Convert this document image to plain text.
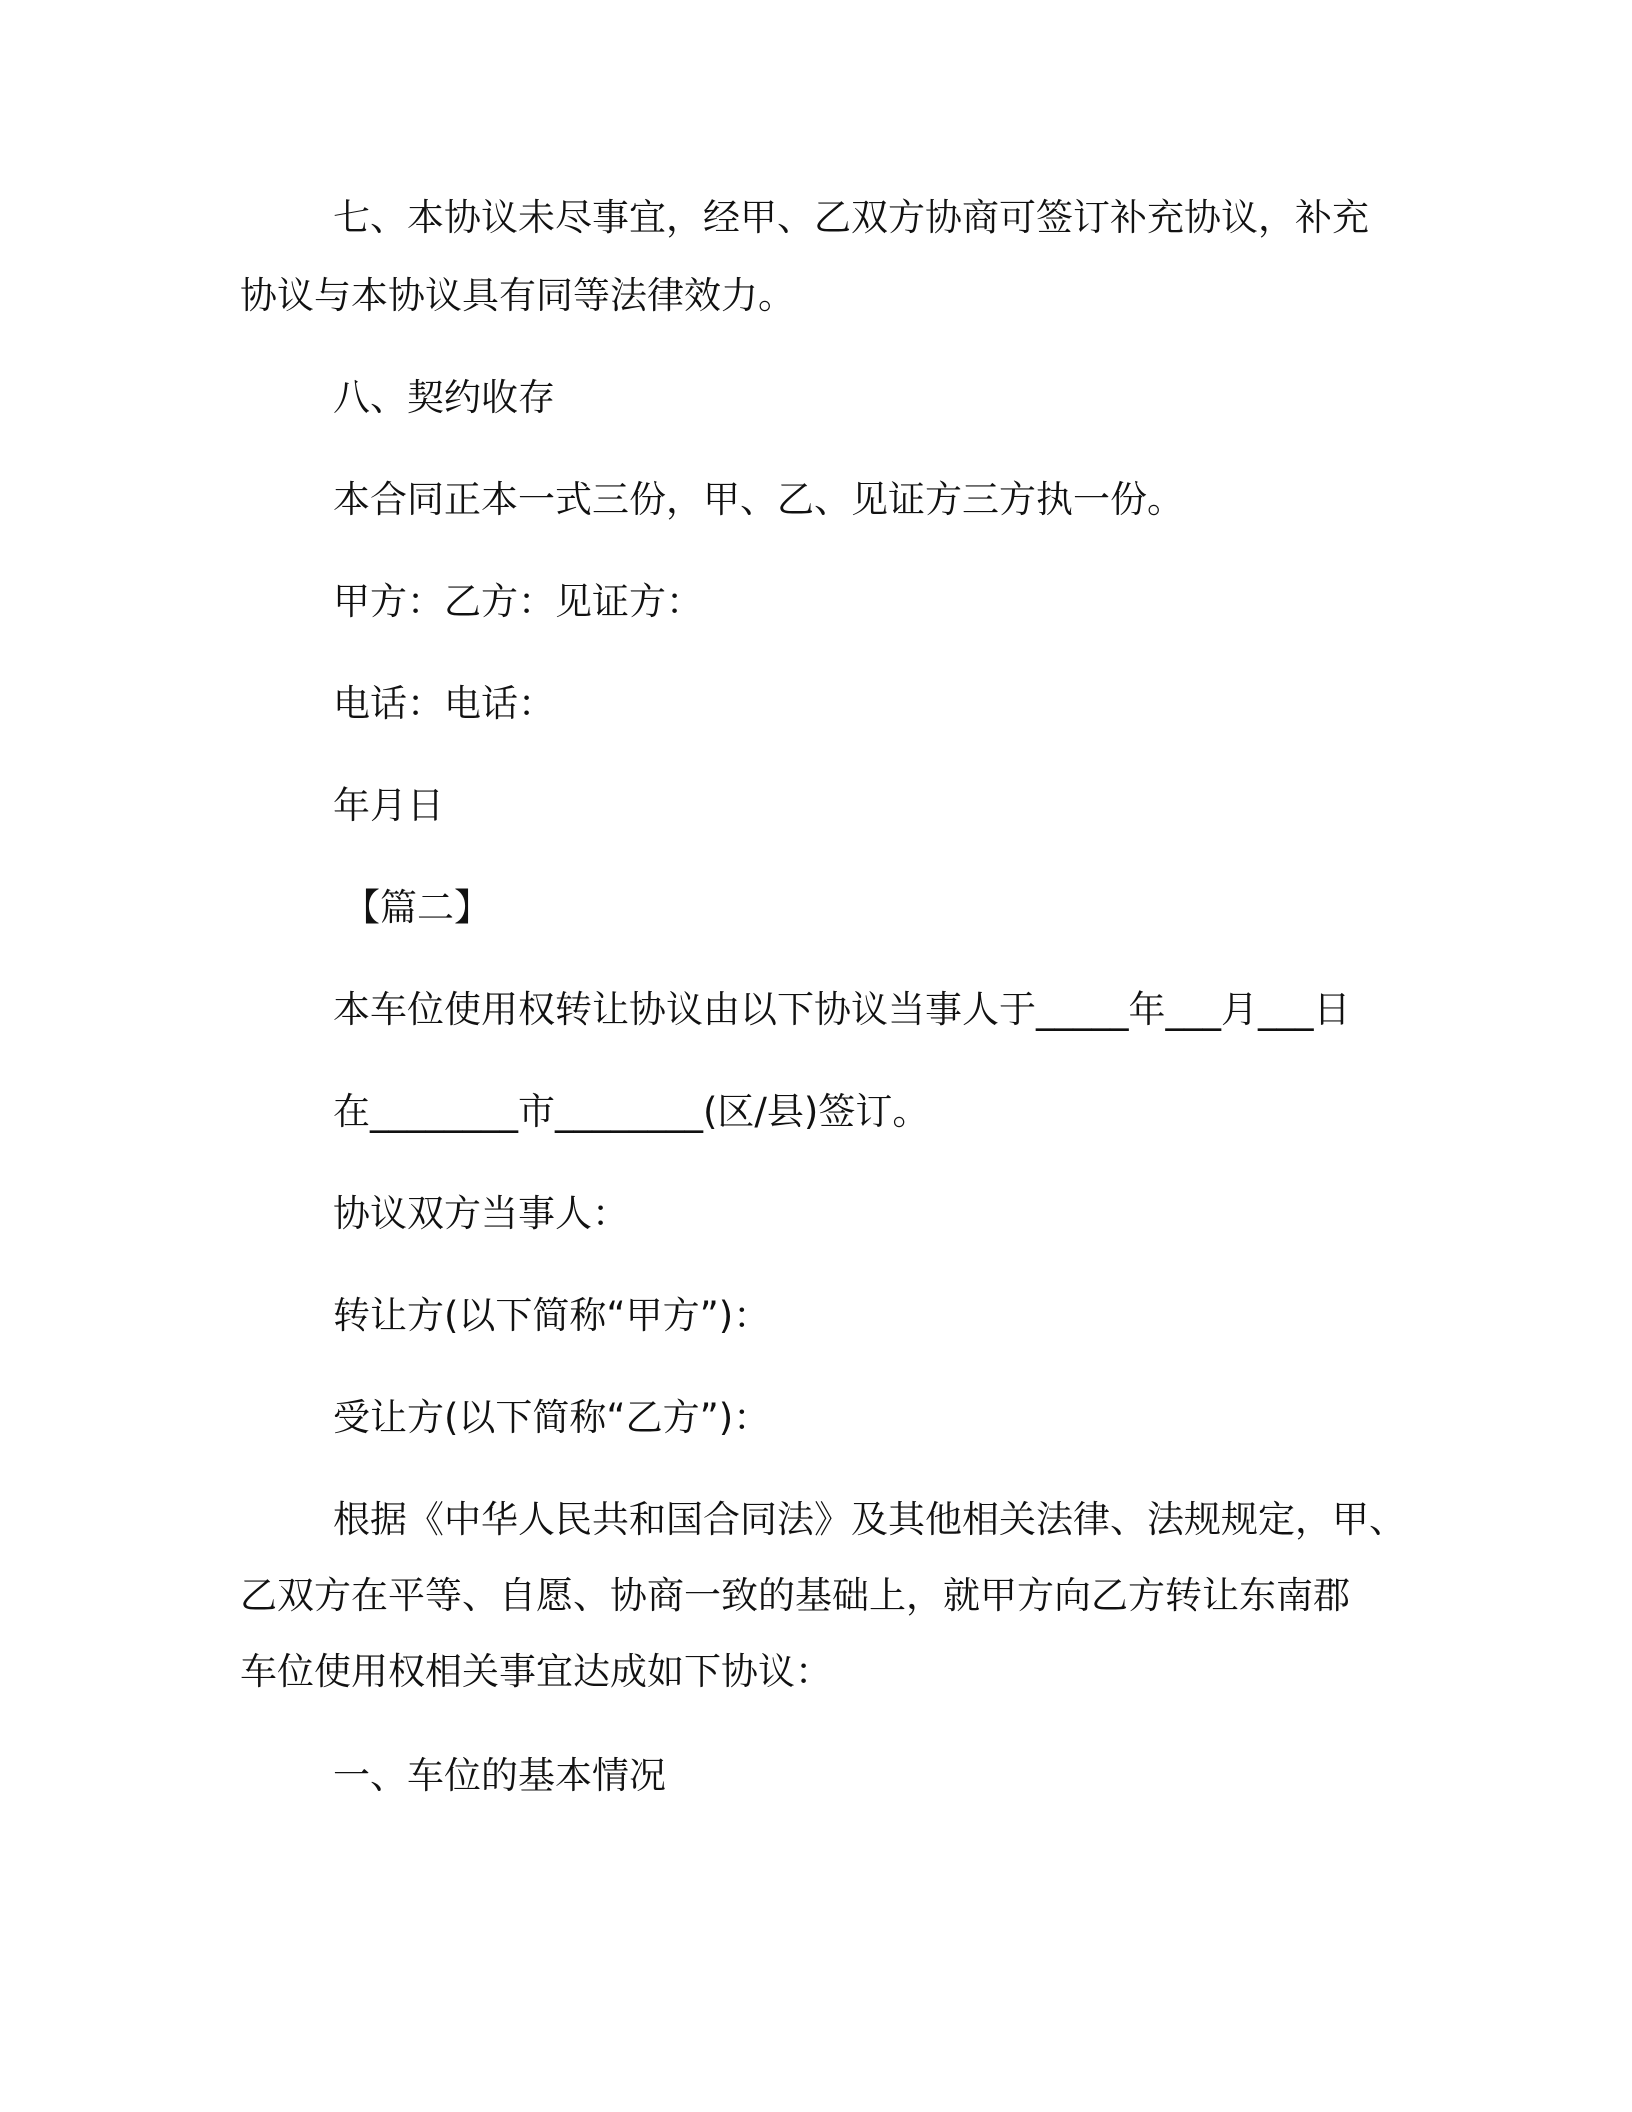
七、本协议未尽事宜，经甲、乙双方协商可签订补充协议，补充
协议与本协议具有同等法律效力。
八、契约收存
本合同正本一式三份，甲、乙、见证方三方执一份。
甲方：乙方：见证方：
电话：电话：
年月日
【篇二】
本车位使用权转让协议由以下协议当事人于_____年___月___日
在________市________(区/县)签订。
协议双方当事人：
转让方(以下简称“甲方”)：
受让方(以下简称“乙方”)：
根据《中华人民共和国合同法》及其他相关法律、法规规定，甲、
乙双方在平等、自愿、协商一致的基础上，就甲方向乙方转让东南郡
车位使用权相关事宜达成如下协议：
一、车位的基本情况
